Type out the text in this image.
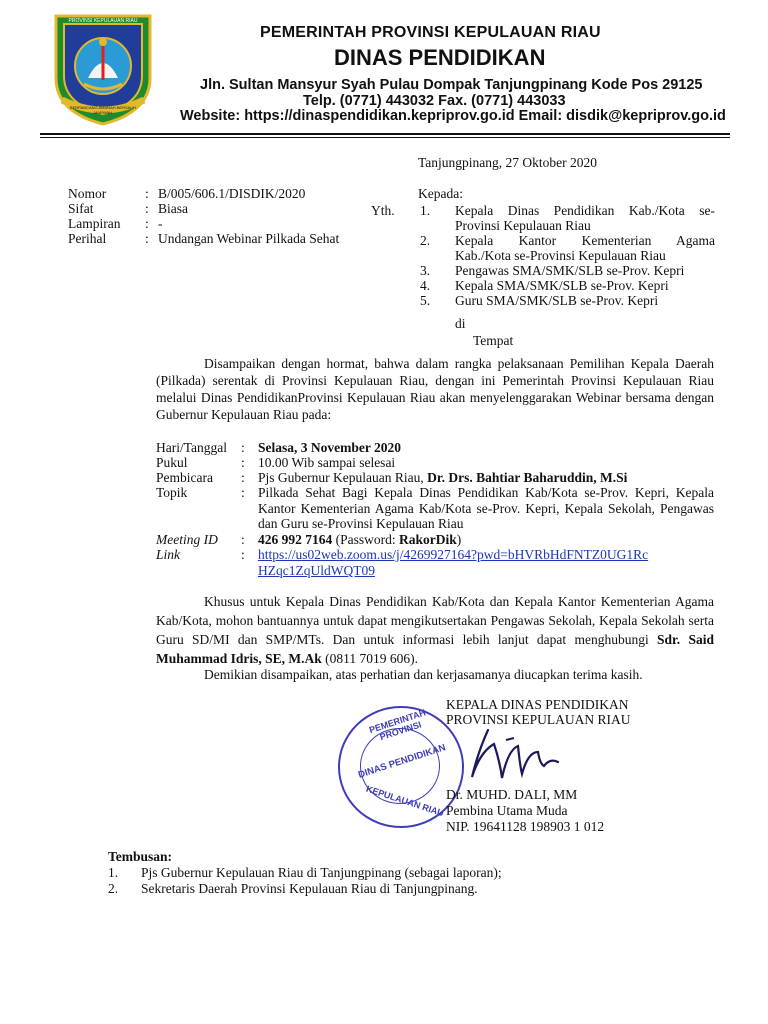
PROVINSI KEPULAUAN RIAU
BERPANCANG AMANAH BERSAUH MARWAH
PEMERINTAH PROVINSI KEPULAUAN RIAU
DINAS PENDIDIKAN
Jln. Sultan Mansyur Syah Pulau Dompak Tanjungpinang Kode Pos 29125
Telp. (0771) 443032 Fax. (0771) 443033
Website: https://dinaspendidikan.kepriprov.go.id Email: disdik@kepriprov.go.id
Tanjungpinang, 27 Oktober 2020
Nomor	: B/005/606.1/DISDIK/2020
Sifat	: Biasa
Lampiran : -
Perihal	: Undangan Webinar Pilkada Sehat
Kepada:
Yth. 1. Kepala Dinas Pendidikan Kab./Kota se-
Provinsi Kepulauan Riau
2. Kepala Kantor Kementerian Agama
Kab./Kota se-Provinsi Kepulauan Riau
3. Pengawas SMA/SMK/SLB se-Prov. Kepri
4. Kepala SMA/SMK/SLB se-Prov. Kepri
5. Guru SMA/SMK/SLB se-Prov. Kepri
di
Tempat
Disampaikan dengan hormat, bahwa dalam rangka pelaksanaan Pemilihan Kepala Daerah (Pilkada) serentak di Provinsi Kepulauan Riau, dengan ini Pemerintah Provinsi Kepulauan Riau melalui Dinas PendidikanProvinsi Kepulauan Riau akan menyelenggarakan Webinar bersama dengan Gubernur Kepulauan Riau pada:
Hari/Tanggal : Selasa, 3 November 2020
Pukul	: 10.00 Wib sampai selesai
Pembicara : Pjs Gubernur Kepulauan Riau, Dr. Drs. Bahtiar Baharuddin, M.Si
Topik	: Pilkada Sehat Bagi Kepala Dinas Pendidikan Kab/Kota se-Prov. Kepri, Kepala Kantor Kementerian Agama Kab/Kota se-Prov. Kepri, Kepala Sekolah, Pengawas dan Guru se-Provinsi Kepulauan Riau
Meeting ID : 426 992 7164 (Password: RakorDik)
Link	: https://us02web.zoom.us/j/4269927164?pwd=bHVRbHdFNTZ0UG1Rc
HZqc1ZqUldWQT09
Khusus untuk Kepala Dinas Pendidikan Kab/Kota dan Kepala Kantor Kementerian Agama Kab/Kota, mohon bantuannya untuk dapat mengikutsertakan Pengawas Sekolah, Kepala Sekolah serta Guru SD/MI dan SMP/MTs. Dan untuk informasi lebih lanjut dapat menghubungi Sdr. Said Muhammad Idris, SE, M.Ak (0811 7019 606).
Demikian disampaikan, atas perhatian dan kerjasamanya diucapkan terima kasih.
KEPALA DINAS PENDIDIKAN
PROVINSI KEPULAUAN RIAU
PEMERINTAH PROVINSI
DINAS PENDIDIKAN
KEPULAUAN RIAU Dr. MUHD. DALI, MM
Pembina Utama Muda
NIP. 19641128 198903 1 012
Tembusan:
1. Pjs Gubernur Kepulauan Riau di Tanjungpinang (sebagai laporan);
2. Sekretaris Daerah Provinsi Kepulauan Riau di Tanjungpinang.
